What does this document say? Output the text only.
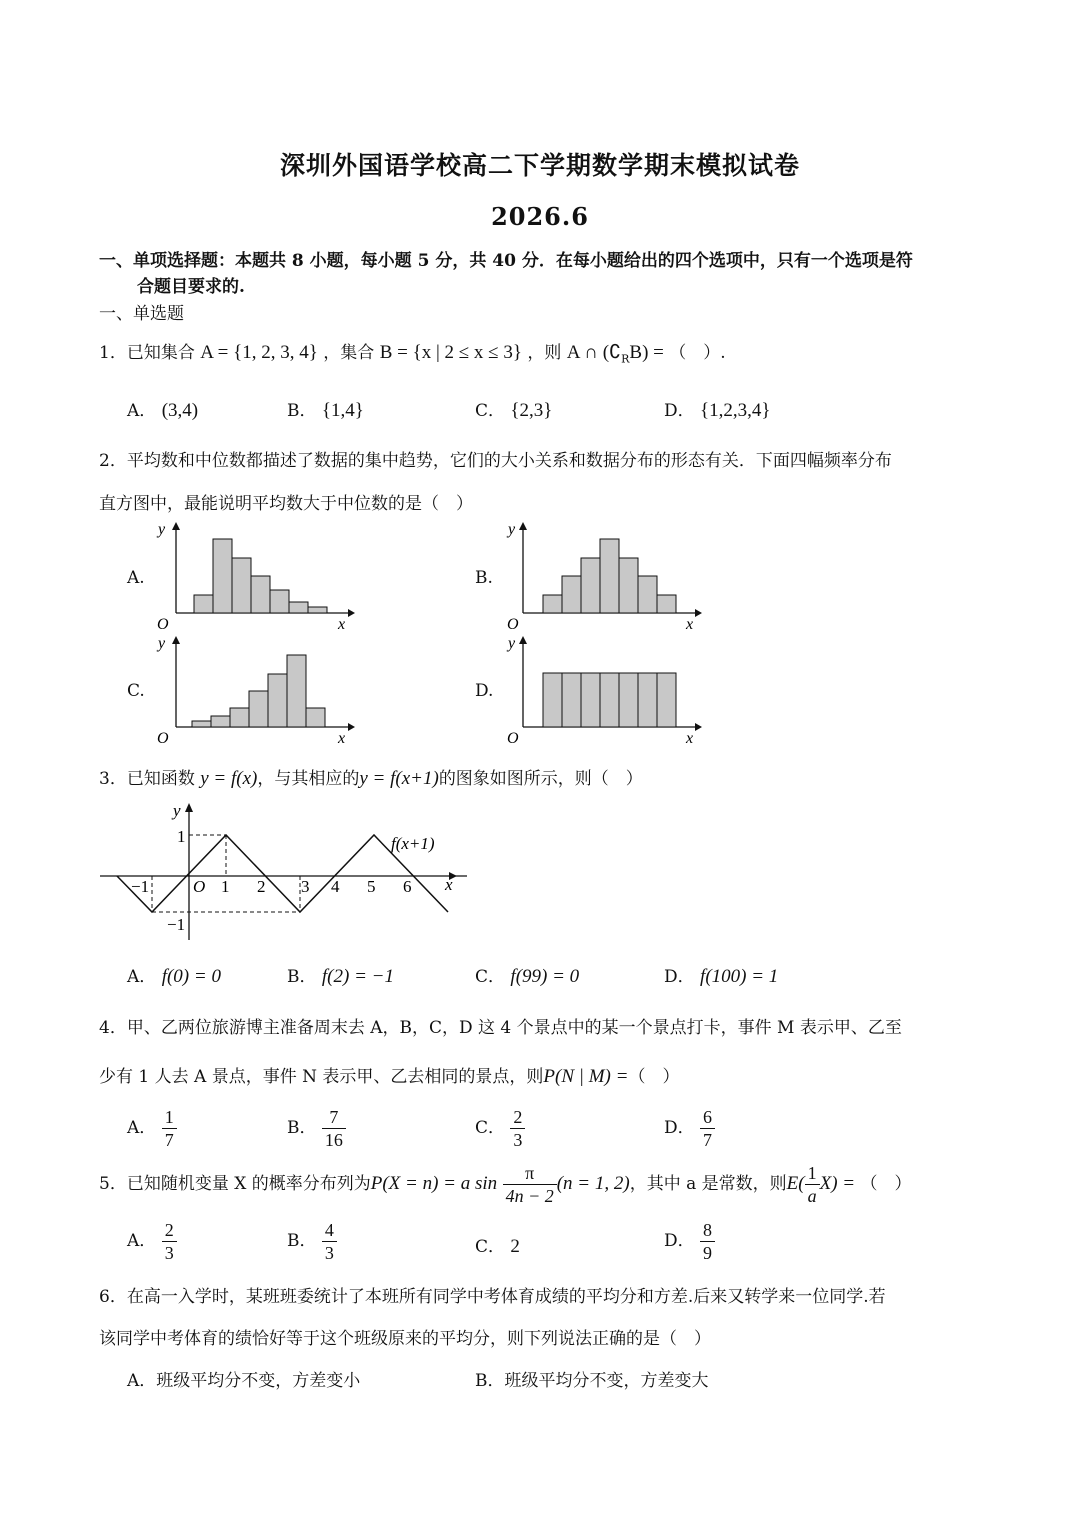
深圳外国语学校高二下学期数学期末模拟试卷
2026.6
一、单项选择题：本题共 8 小题，每小题 5 分，共 40 分．在每小题给出的四个选项中，只有一个选项是符
合题目要求的.
一、单选题
1．已知集合 A = {1, 2, 3, 4} ，集合 B = {x | 2 ≤ x ≤ 3} ，则 A ∩ $(∁_RB)$ = （　）.
A． (3,4)	B． {1,4}	C． {2,3}	D． {1,2,3,4}
2．平均数和中位数都描述了数据的集中趋势，它们的大小关系和数据分布的形态有关．下面四幅频率分布
直方图中，最能说明平均数大于中位数的是（　）
A.	B.
C.	D.
y
O	x
y
O	x
y
O	x
y
O	x
3．已知函数 y = f(x)，与其相应的y = f(x+1)的图象如图所示，则（　）
−1	1 2 3 4 5 6
1
−1
O
y
x
f(x+1)
A． f(0) = 0	B． f(2) = −1	C． f(99) = 0	D． f(100) = 1
4．甲、乙两位旅游博主准备周末去 A，B，C，D 这 4 个景点中的某一个景点打卡，事件 M 表示甲、乙至
少有 1 人去 A 景点，事件 N 表示甲、乙去相同的景点，则P(N | M) =（　）
A． $\frac{1}{7}$	B． $\frac{7}{16}$	C． $\frac{2}{3}$	D． $\frac{6}{7}$
5．已知随机变量 X 的概率分布列为P(X = n) = a $\sin \frac{\pi}{4n - 2} (n = 1$, 2)，其中 a 是常数，则$E( \frac{1}{a} X)$ = （　）
A． $\frac{2}{3}$	B． $\frac{4}{3}$	C． 2	D． $\frac{8}{9}$
6．在高一入学时，某班班委统计了本班所有同学中考体育成绩的平均分和方差.后来又转学来一位同学.若
该同学中考体育的绩恰好等于这个班级原来的平均分，则下列说法正确的是（　）
A．班级平均分不变，方差变小	B．班级平均分不变，方差变大
